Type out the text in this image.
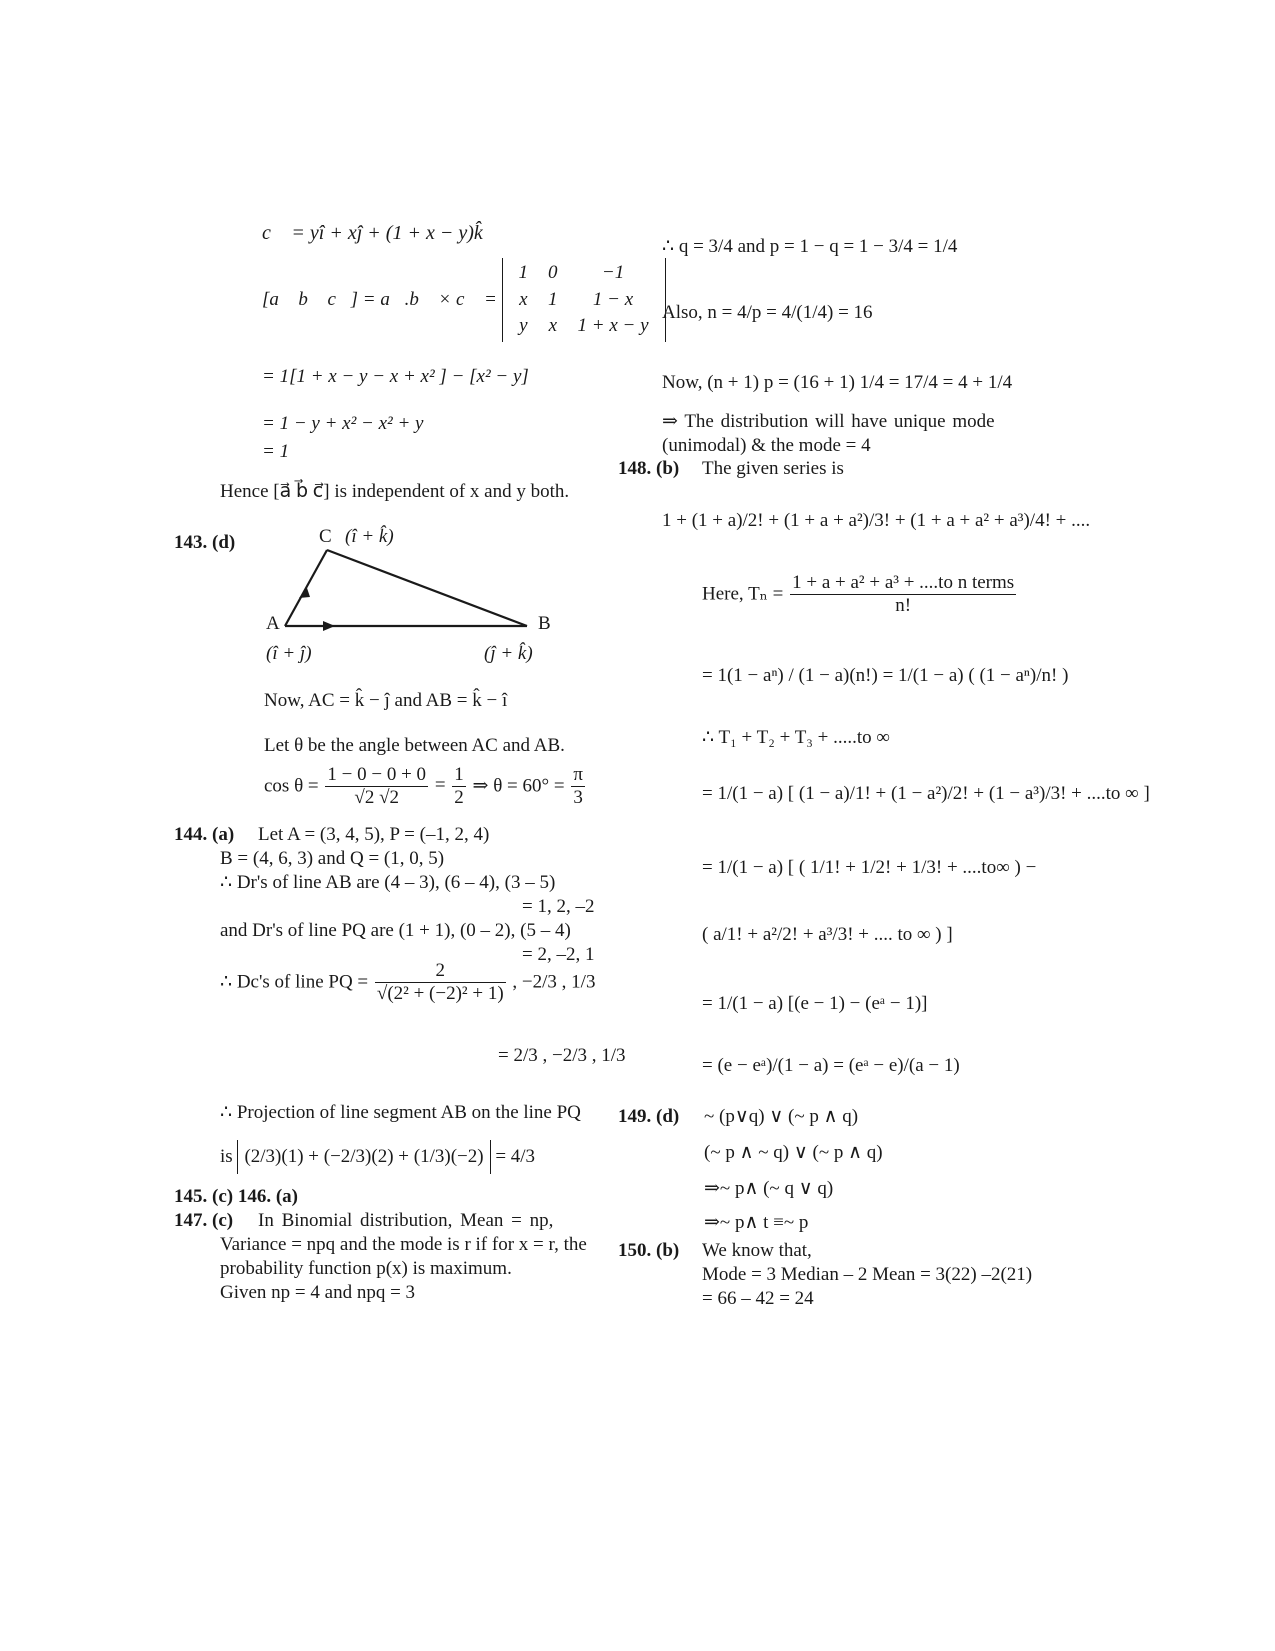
c⃗ = yî + xĵ + (1 + x − y)k̂
[a⃗ b⃗ c⃗] = a⃗.b⃗ × c⃗ =
1	0	−1
x	1	1 − x
y	x	1 + x − y
= 1[1 + x − y − x + x² ] − [x² − y]
= 1 − y + x² − x² + y
= 1
Hence [a⃗ b⃗ c⃗] is independent of x and y both.
143. (d)	C (î + k̂)
A	B
(î + ĵ)	(ĵ + k̂)
Now, AC = k̂ − ĵ and AB = k̂ − î
Let θ be the angle between AC and AB.
$\cos \theta = \frac{1 - 0 - 0 + 0}{√2 √2} = \frac{1}{2}$ ⇒ $\theta = 60^\circ = \frac{\pi}{3}$
144. (a) Let A = (3, 4, 5), P = (–1, 2, 4)
B = (4, 6, 3) and Q = (1, 0, 5)
∴ Dr's of line AB are (4 – 3), (6 – 4), (3 – 5)
= 1, 2, –2
and Dr's of line PQ are (1 + 1), (0 – 2), (5 – 4)
= 2, –2, 1
∴ Dc's of line PQ = $\frac{2}{\text{√(2² + (−2)² + 1)}}$ , −2/3 , 1/3
= 2/3 , −2/3 , 1/3
∴ Projection of line segment AB on the line PQ
is (2/3)(1) + (−2/3)(2) + (1/3)(−2) = 4/3
145. (c) 146. (a)
147. (c) In Binomial distribution, Mean = np,
Variance = npq and the mode is r if for x = r, the
probability function p(x) is maximum.
Given np = 4 and npq = 3
∴ q = 3/4 and p = 1 − q = 1 − 3/4 = 1/4
Also, n = 4/p = 4/(1/4) = 16
Now, (n + 1) p = (16 + 1) 1/4 = 17/4 = 4 + 1/4
⇒ The distribution will have unique mode
(unimodal) & the mode = 4
148. (b) The given series is
1 + (1 + a)/2! + (1 + a + a²)/3! + (1 + a + a² + a³)/4! + ....
Here, $T_n = \frac{\text{1 + a + a² + a³ + ....to n terms}}{n!}$
= 1(1 − aⁿ) / (1 − a)(n!) = 1/(1 − a) ( (1 − aⁿ)/n! )
∴ T₁ + T₂ + T₃ + .....to ∞
= 1/(1 − a) [ (1 − a)/1! + (1 − a²)/2! + (1 − a³)/3! + ....to ∞ ]
= 1/(1 − a) [ ( 1/1! + 1/2! + 1/3! + ....to∞ ) −
( a/1! + a²/2! + a³/3! + .... to ∞ ) ]
= 1/(1 − a) [(e − 1) − (eᵃ − 1)]
= (e − eᵃ)/(1 − a) = (eᵃ − e)/(a − 1)
149. (d) ~ (p∨q) ∨ (~ p ∧ q)
(~ p ∧ ~ q) ∨ (~ p ∧ q)
⇒~ p∧ (~ q ∨ q)
⇒~ p∧ t ≡~ p
150. (b) We know that,
Mode = 3 Median – 2 Mean = 3(22) –2(21)
= 66 – 42 = 24
